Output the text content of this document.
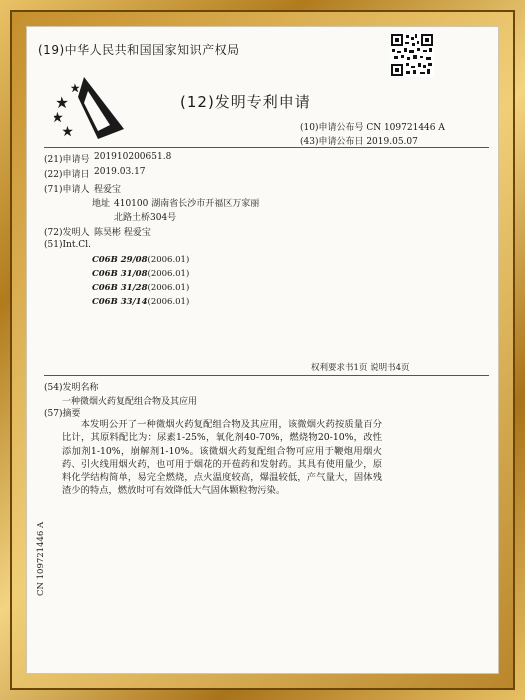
(19)中华人民共和国国家知识产权局
(12)发明专利申请
(10)申请公布号 CN 109721446 A
(43)申请公布日 2019.05.07
(21)申请号 201910200651.8
(22)申请日 2019.03.17
(71)申请人 程爱宝
地址 410100 湖南省长沙市开福区万家丽
北路土桥304号
(72)发明人 陈昊彬 程爱宝
(51)Int.Cl.
C06B 29/08(2006.01)
C06B 31/08(2006.01)
C06B 31/28(2006.01)
C06B 33/14(2006.01)
权利要求书1页 说明书4页
(54)发明名称
一种微烟火药复配组合物及其应用
(57)摘要
本发明公开了一种微烟火药复配组合物及其应用，该微烟火药按质量百分比计，其原料配比为：尿素1-25%，氧化剂40-70%，燃烧物20-10%，改性添加剂1-10%，崩解剂1-10%。该微烟火药复配组合物可应用于鞭炮用烟火药、引火线用烟火药，也可用于烟花的开苞药和发射药。其具有使用量少，原料化学结构简单，易完全燃烧，点火温度较高，爆温较低，产气量大，固体残渣少的特点，燃放时可有效降低大气固体颗粒物污染。
CN 109721446 A
